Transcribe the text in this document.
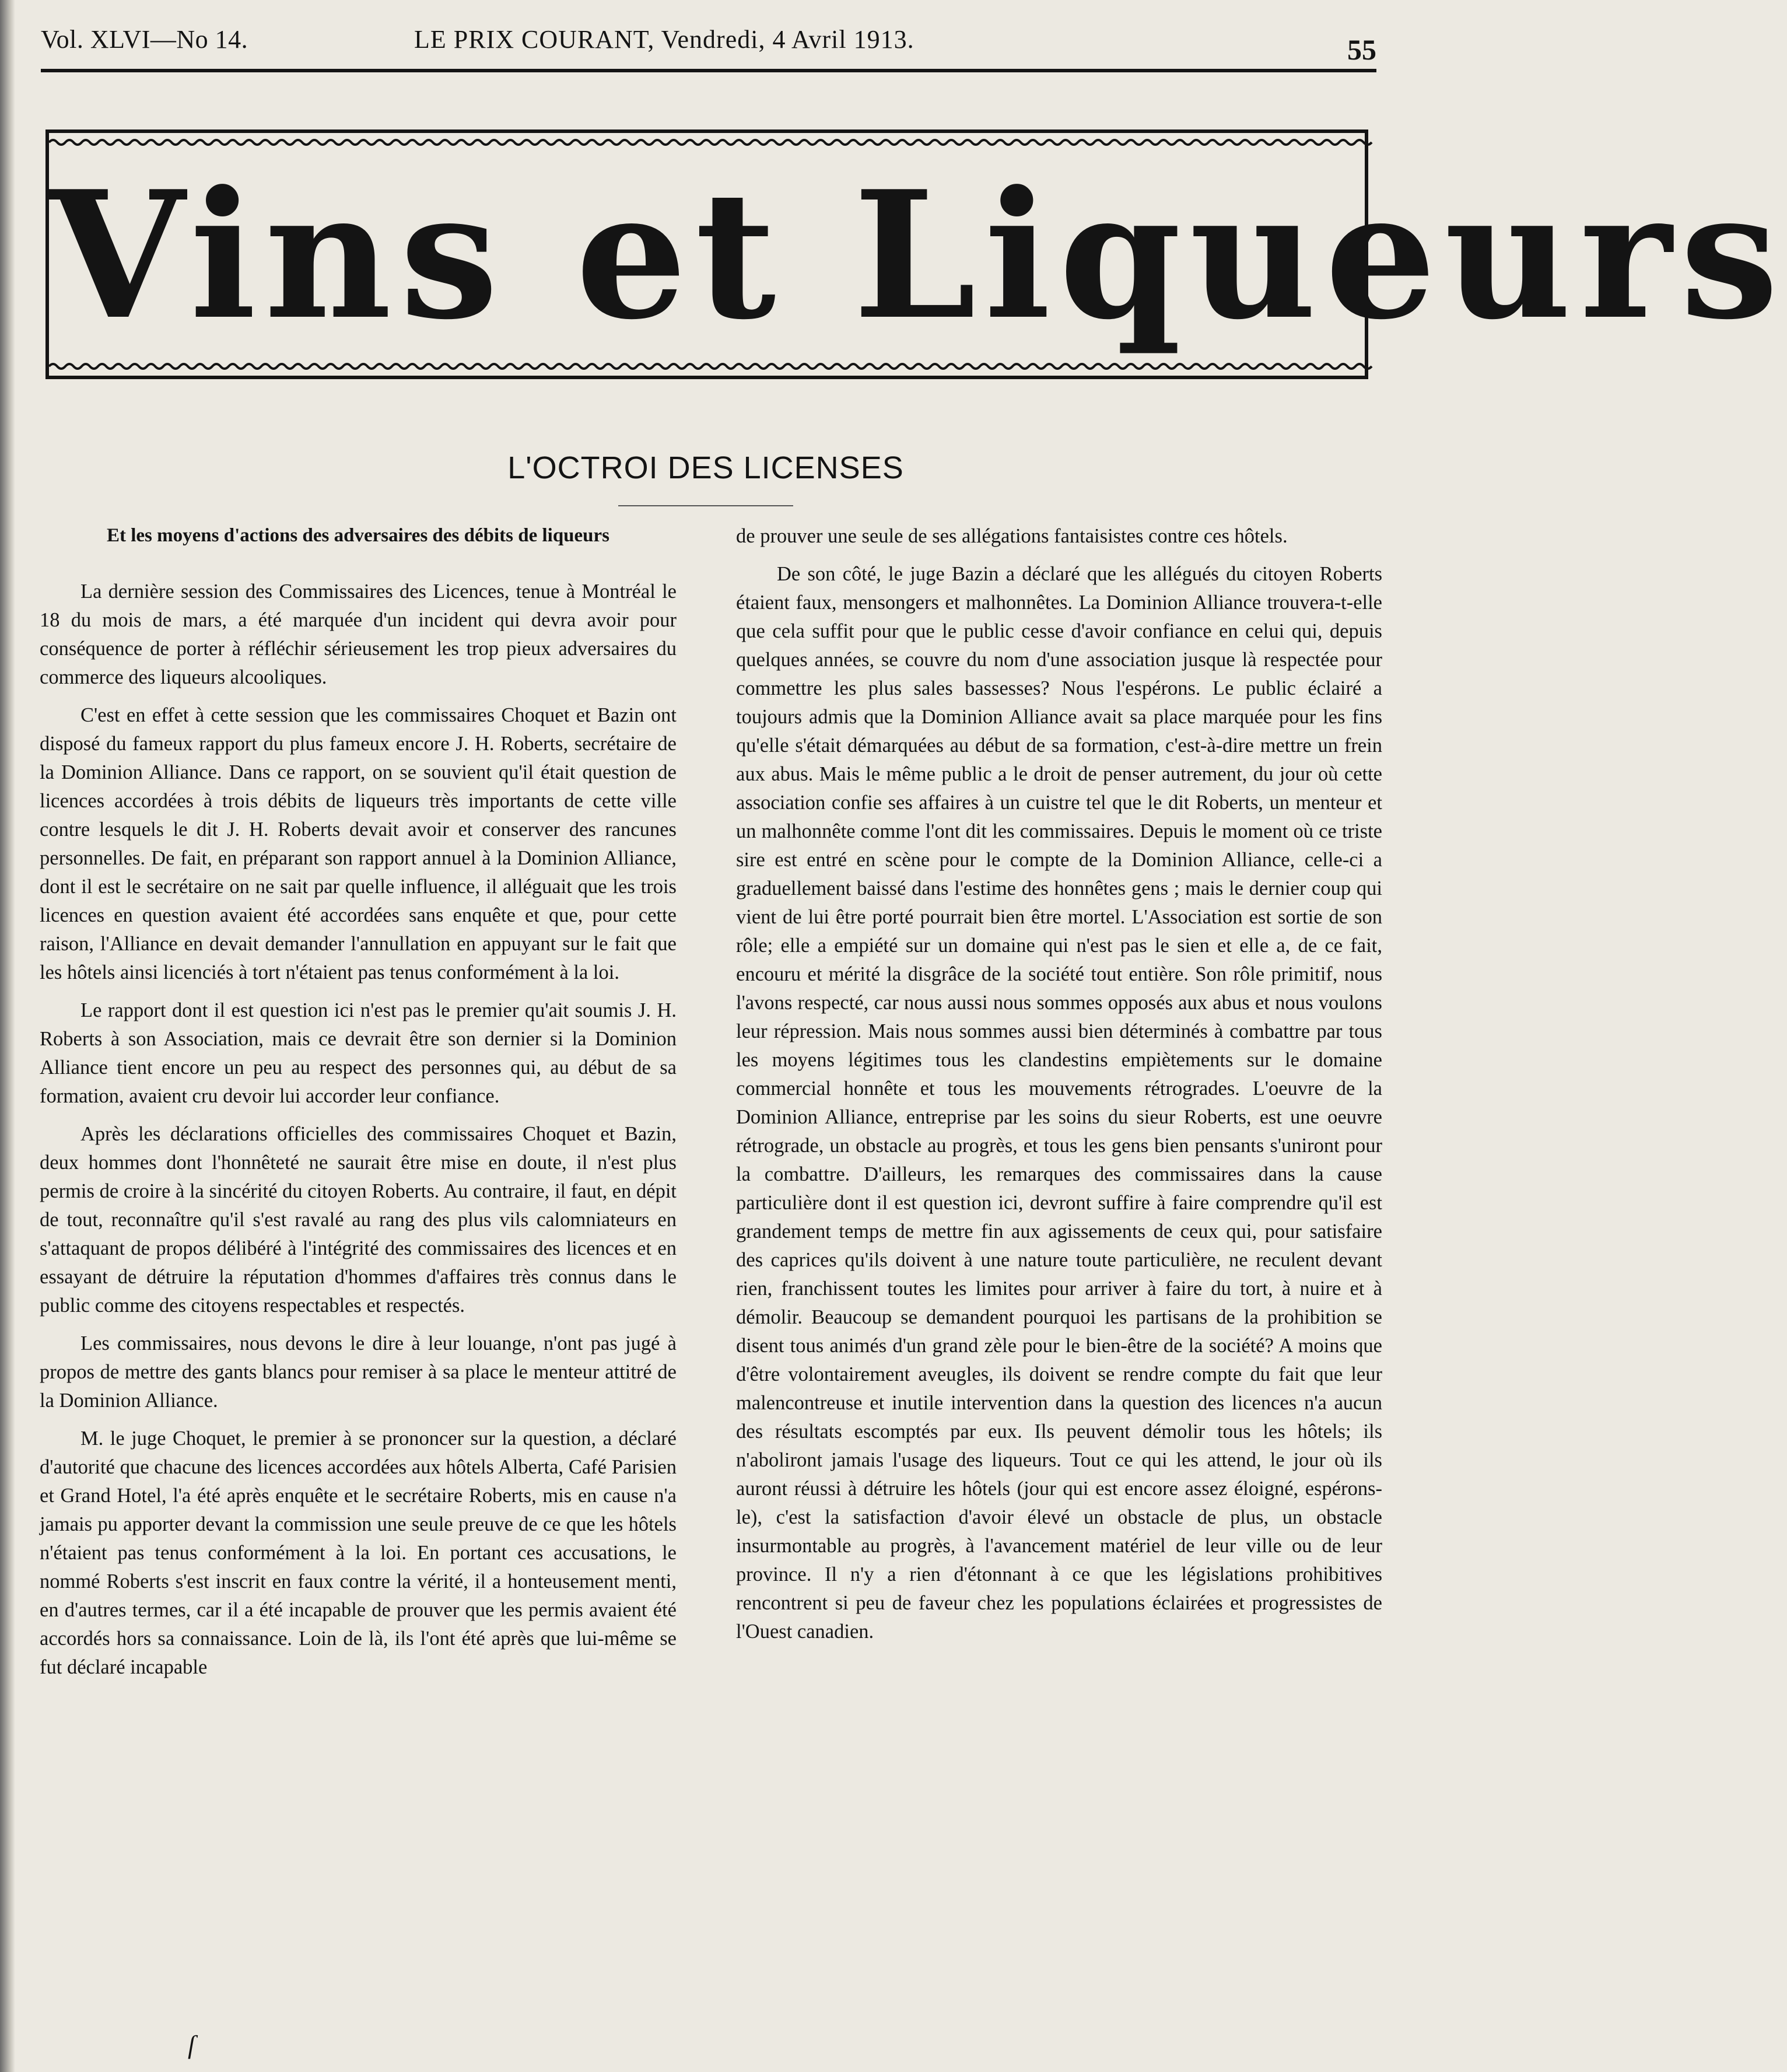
Vol. XLVI—No 14.	LE PRIX COURANT, Vendredi, 4 Avril 1913.	55
Vins et Liqueurs
L'OCTROI DES LICENSES
Et les moyens d'actions des adversaires des débits de liqueurs

La dernière session des Commissaires des Licences, tenue à Montréal le 18 du mois de mars, a été marquée d'un incident qui devra avoir pour conséquence de porter à réfléchir sérieusement les trop pieux adversaires du commerce des liqueurs alcooliques.

C'est en effet à cette session que les commissaires Choquet et Bazin ont disposé du fameux rapport du plus fameux encore J. H. Roberts, secrétaire de la Dominion Alliance. Dans ce rapport, on se souvient qu'il était question de licences accordées à trois débits de liqueurs très importants de cette ville contre lesquels le dit J. H. Roberts devait avoir et conserver des rancunes personnelles. De fait, en préparant son rapport annuel à la Dominion Alliance, dont il est le secrétaire on ne sait par quelle influence, il alléguait que les trois licences en question avaient été accordées sans enquête et que, pour cette raison, l'Alliance en devait demander l'annullation en appuyant sur le fait que les hôtels ainsi licenciés à tort n'étaient pas tenus conformément à la loi.

Le rapport dont il est question ici n'est pas le premier qu'ait soumis J. H. Roberts à son Association, mais ce devrait être son dernier si la Dominion Alliance tient encore un peu au respect des personnes qui, au début de sa formation, avaient cru devoir lui accorder leur confiance.

Après les déclarations officielles des commissaires Choquet et Bazin, deux hommes dont l'honnêteté ne saurait être mise en doute, il n'est plus permis de croire à la sincérité du citoyen Roberts. Au contraire, il faut, en dépit de tout, reconnaître qu'il s'est ravalé au rang des plus vils calomniateurs en s'attaquant de propos délibéré à l'intégrité des commissaires des licences et en essayant de détruire la réputation d'hommes d'affaires très connus dans le public comme des citoyens respectables et respectés.

Les commissaires, nous devons le dire à leur louange, n'ont pas jugé à propos de mettre des gants blancs pour remiser à sa place le menteur attitré de la Dominion Alliance.

M. le juge Choquet, le premier à se prononcer sur la question, a déclaré d'autorité que chacune des licences accordées aux hôtels Alberta, Café Parisien et Grand Hotel, l'a été après enquête et le secrétaire Roberts, mis en cause n'a jamais pu apporter devant la commission une seule preuve de ce que les hôtels n'étaient pas tenus conformément à la loi. En portant ces accusations, le nommé Roberts s'est inscrit en faux contre la vérité, il a honteusement menti, en d'autres termes, car il a été incapable de prouver que les permis avaient été accordés hors sa connaissance. Loin de là, ils l'ont été après que lui-même se fut déclaré incapable

de prouver une seule de ses allégations fantaisistes contre ces hôtels.

De son côté, le juge Bazin a déclaré que les allégués du citoyen Roberts étaient faux, mensongers et malhonnêtes. La Dominion Alliance trouvera-t-elle que cela suffit pour que le public cesse d'avoir confiance en celui qui, depuis quelques années, se couvre du nom d'une association jusque là respectée pour commettre les plus sales bassesses? Nous l'espérons. Le public éclairé a toujours admis que la Dominion Alliance avait sa place marquée pour les fins qu'elle s'était démarquées au début de sa formation, c'est-à-dire mettre un frein aux abus. Mais le même public a le droit de penser autrement, du jour où cette association confie ses affaires à un cuistre tel que le dit Roberts, un menteur et un malhonnête comme l'ont dit les commissaires. Depuis le moment où ce triste sire est entré en scène pour le compte de la Dominion Alliance, celle-ci a graduellement baissé dans l'estime des honnêtes gens ; mais le dernier coup qui vient de lui être porté pourrait bien être mortel. L'Association est sortie de son rôle; elle a empiété sur un domaine qui n'est pas le sien et elle a, de ce fait, encouru et mérité la disgrâce de la société tout entière. Son rôle primitif, nous l'avons respecté, car nous aussi nous sommes opposés aux abus et nous voulons leur répression. Mais nous sommes aussi bien déterminés à combattre par tous les moyens légitimes tous les clandestins empiètements sur le domaine commercial honnête et tous les mouvements rétrogrades. L'oeuvre de la Dominion Alliance, entreprise par les soins du sieur Roberts, est une oeuvre rétrograde, un obstacle au progrès, et tous les gens bien pensants s'uniront pour la combattre. D'ailleurs, les remarques des commissaires dans la cause particulière dont il est question ici, devront suffire à faire comprendre qu'il est grandement temps de mettre fin aux agissements de ceux qui, pour satisfaire des caprices qu'ils doivent à une nature toute particulière, ne reculent devant rien, franchissent toutes les limites pour arriver à faire du tort, à nuire et à démolir. Beaucoup se demandent pourquoi les partisans de la prohibition se disent tous animés d'un grand zèle pour le bien-être de la société? A moins que d'être volontairement aveugles, ils doivent se rendre compte du fait que leur malencontreuse et inutile intervention dans la question des licences n'a aucun des résultats escomptés par eux. Ils peuvent démolir tous les hôtels; ils n'aboliront jamais l'usage des liqueurs. Tout ce qui les attend, le jour où ils auront réussi à détruire les hôtels (jour qui est encore assez éloigné, espérons-le), c'est la satisfaction d'avoir élevé un obstacle de plus, un obstacle insurmontable au progrès, à l'avancement matériel de leur ville ou de leur province. Il n'y a rien d'étonnant à ce que les législations prohibitives rencontrent si peu de faveur chez les populations éclairées et progressistes de l'Ouest canadien.

ſ
